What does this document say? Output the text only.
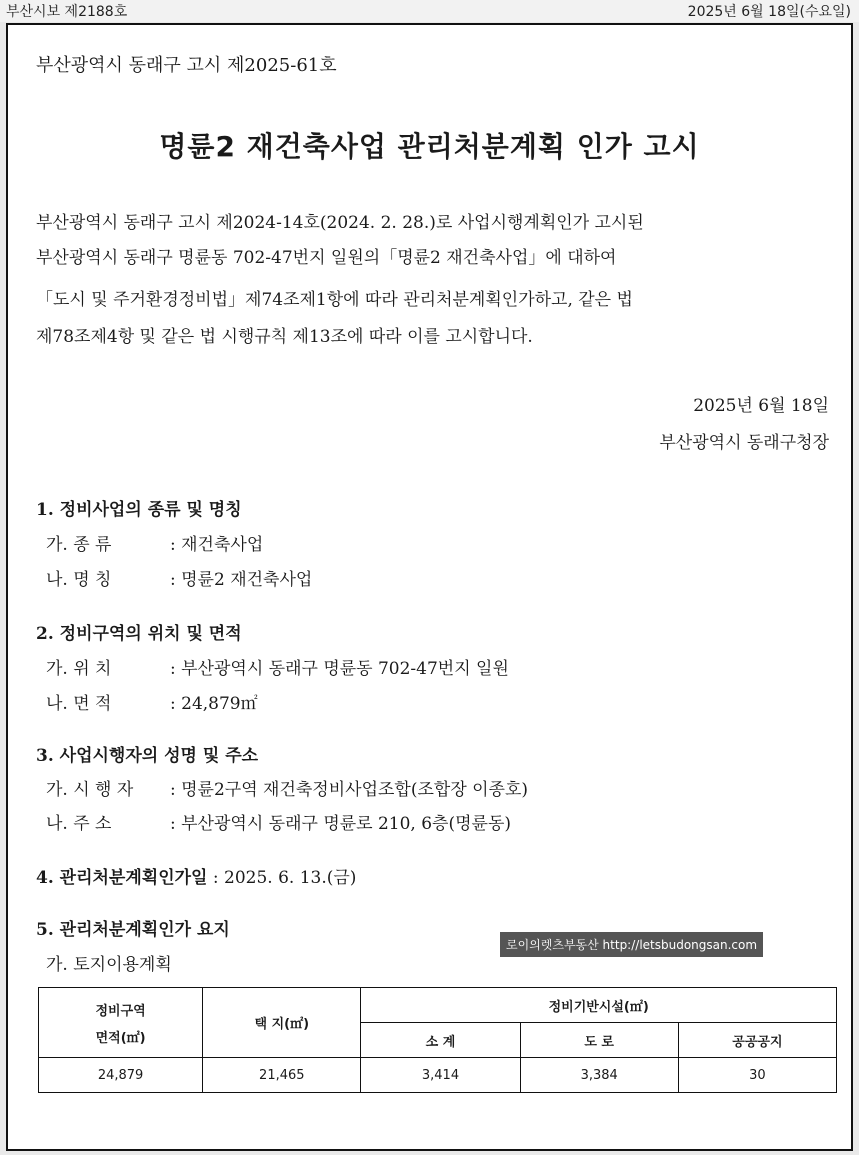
부산시보 제2188호	2025년 6월 18일(수요일)
부산광역시 동래구 고시 제2025-61호
명륜2 재건축사업 관리처분계획 인가 고시
부산광역시 동래구 고시 제2024-14호(2024. 2. 28.)로 사업시행계획인가 고시된
부산광역시 동래구 명륜동 702-47번지 일원의「명륜2 재건축사업」에 대하여
「도시 및 주거환경정비법」제74조제1항에 따라 관리처분계획인가하고, 같은 법
제78조제4항 및 같은 법 시행규칙 제13조에 따라 이를 고시합니다.
2025년 6월 18일
부산광역시 동래구청장
1. 정비사업의 종류 및 명칭
가. 종 류	: 재건축사업
나. 명 칭	: 명륜2 재건축사업
2. 정비구역의 위치 및 면적
가. 위 치	: 부산광역시 동래구 명륜동 702-47번지 일원
나. 면 적	: 24,879㎡
3. 사업시행자의 성명 및 주소
가. 시 행 자 : 명륜2구역 재건축정비사업조합(조합장 이종호)
나. 주 소	: 부산광역시 동래구 명륜로 210, 6층(명륜동)
4. 관리처분계획인가일 : 2025. 6. 13.(금)
5. 관리처분계획인가 요지
가. 토지이용계획
로이의렛츠부동산 http://letsbudongsan.com
정비구역
면적(㎡)	택 지(㎡)	정비기반시설(㎡)		
		소 계	도 로	공공공지
24,879	21,465	3,414	3,384	30
